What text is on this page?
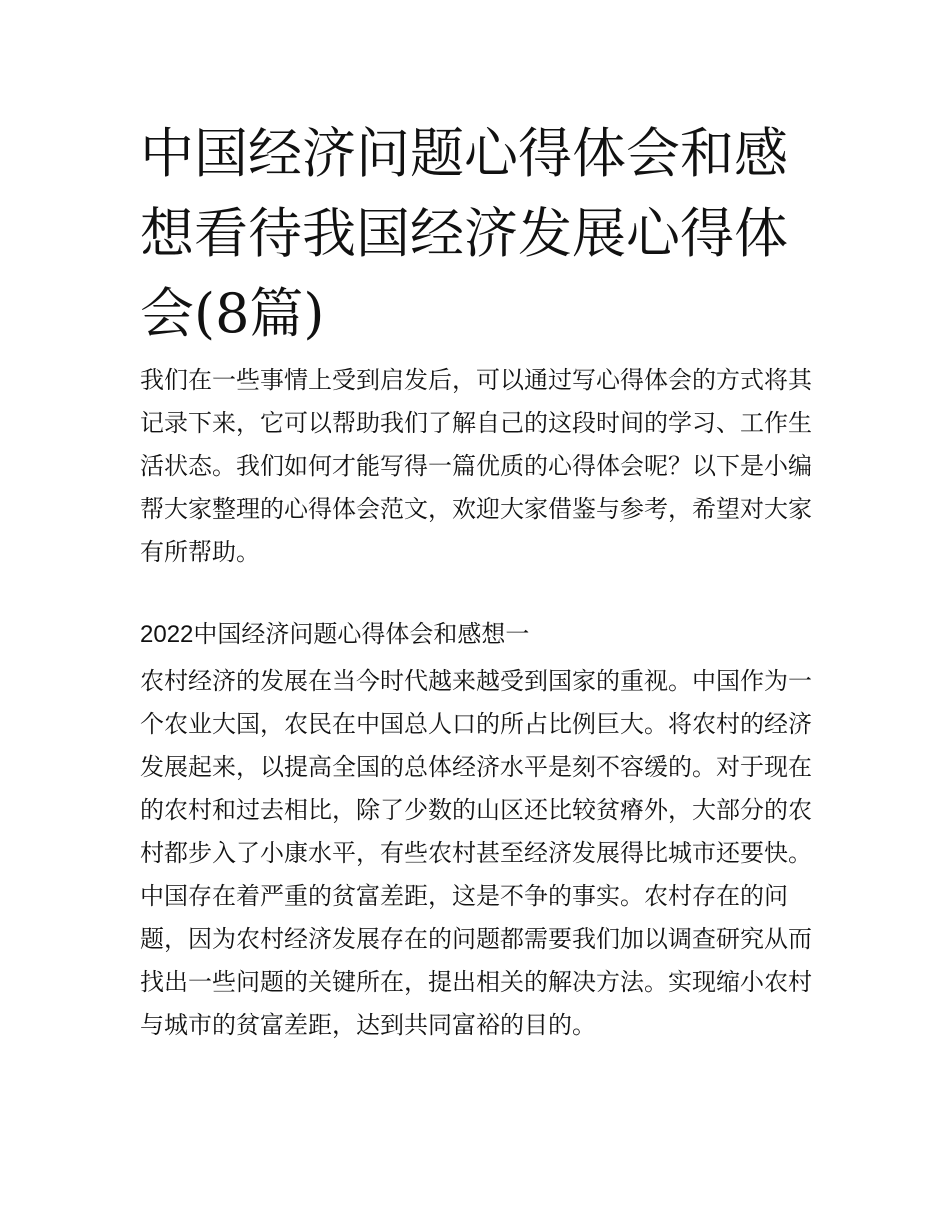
中国经济问题心得体会和感想看待我国经济发展心得体会(8篇)

我们在一些事情上受到启发后，可以通过写心得体会的方式将其记录下来，它可以帮助我们了解自己的这段时间的学习、工作生活状态。我们如何才能写得一篇优质的心得体会呢？以下是小编帮大家整理的心得体会范文，欢迎大家借鉴与参考，希望对大家有所帮助。

2022中国经济问题心得体会和感想一

农村经济的发展在当今时代越来越受到国家的重视。中国作为一个农业大国，农民在中国总人口的所占比例巨大。将农村的经济发展起来，以提高全国的总体经济水平是刻不容缓的。对于现在的农村和过去相比，除了少数的山区还比较贫瘠外，大部分的农村都步入了小康水平，有些农村甚至经济发展得比城市还要快。中国存在着严重的贫富差距，这是不争的事实。农村存在的问题，因为农村经济发展存在的问题都需要我们加以调查研究从而找出一些问题的关键所在，提出相关的解决方法。实现缩小农村与城市的贫富差距，达到共同富裕的目的。
